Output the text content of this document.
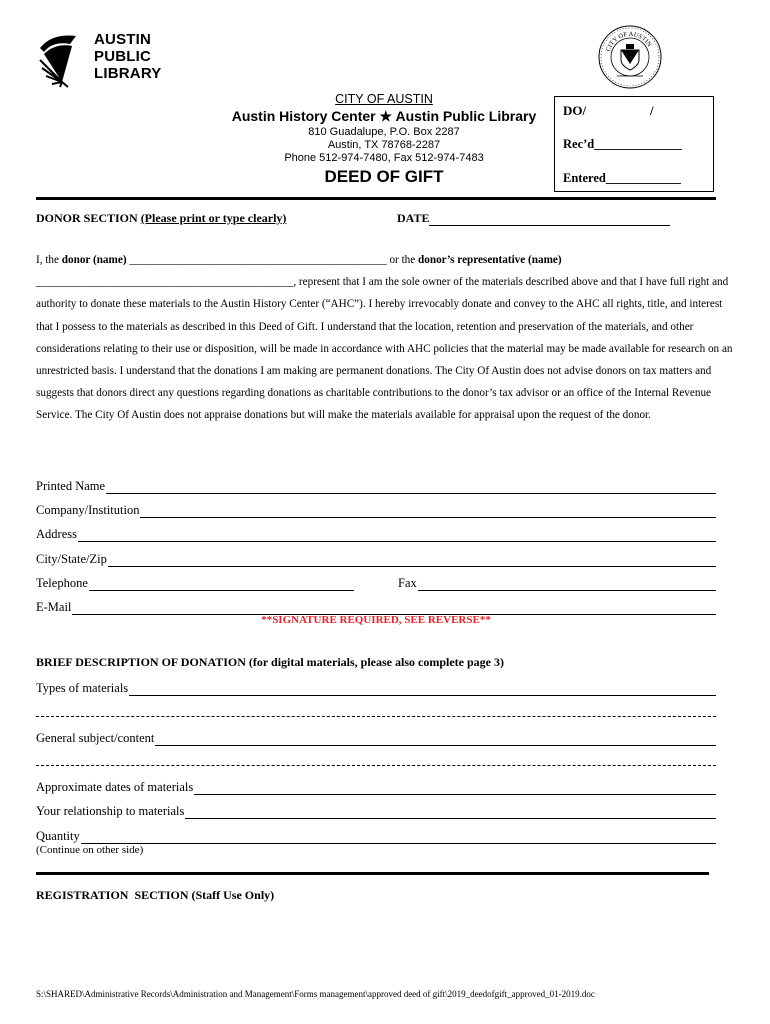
AUSTIN
PUBLIC
LIBRARY
CITY OF AUSTIN
CITY OF AUSTIN
Austin History Center ★ Austin Public Library
810 Guadalupe, P.O. Box 2287
Austin, TX 78768-2287
Phone 512-974-7480, Fax 512-974-7483
DEED OF GIFT
DO/	/
Rec’d______________
Entered____________
DONOR SECTION (Please print or type clearly)	DATE
I, the donor (name) ______________________________________________ or the donor’s representative (name)
______________________________________________, represent that I am the sole owner of the materials described above and that I have full right and authority to donate these materials to the Austin History Center (“AHC”). I hereby irrevocably donate and convey to the AHC all rights, title, and interest that I possess to the materials as described in this Deed of Gift. I understand that the location, retention and preservation of the materials, and other considerations relating to their use or disposition, will be made in accordance with AHC policies that the material may be made available for research on an unrestricted basis. I understand that the donations I am making are permanent donations. The City Of Austin does not advise donors on tax matters and suggests that donors direct any questions regarding donations as charitable contributions to the donor’s tax advisor or an office of the Internal Revenue Service. The City Of Austin does not appraise donations but will make the materials available for appraisal upon the request of the donor.
Printed Name
Company/Institution
Address
City/State/Zip
Telephone	Fax
E-Mail
**SIGNATURE REQUIRED, SEE REVERSE**
BRIEF DESCRIPTION OF DONATION (for digital materials, please also complete page 3)
Types of materials
General subject/content
Approximate dates of materials
Your relationship to materials
Quantity
(Continue on other side)
REGISTRATION  SECTION (Staff Use Only)
S:\SHARED\Administrative Records\Administration and Management\Forms management\approved deed of gift\2019_deedofgift_approved_01-2019.doc
